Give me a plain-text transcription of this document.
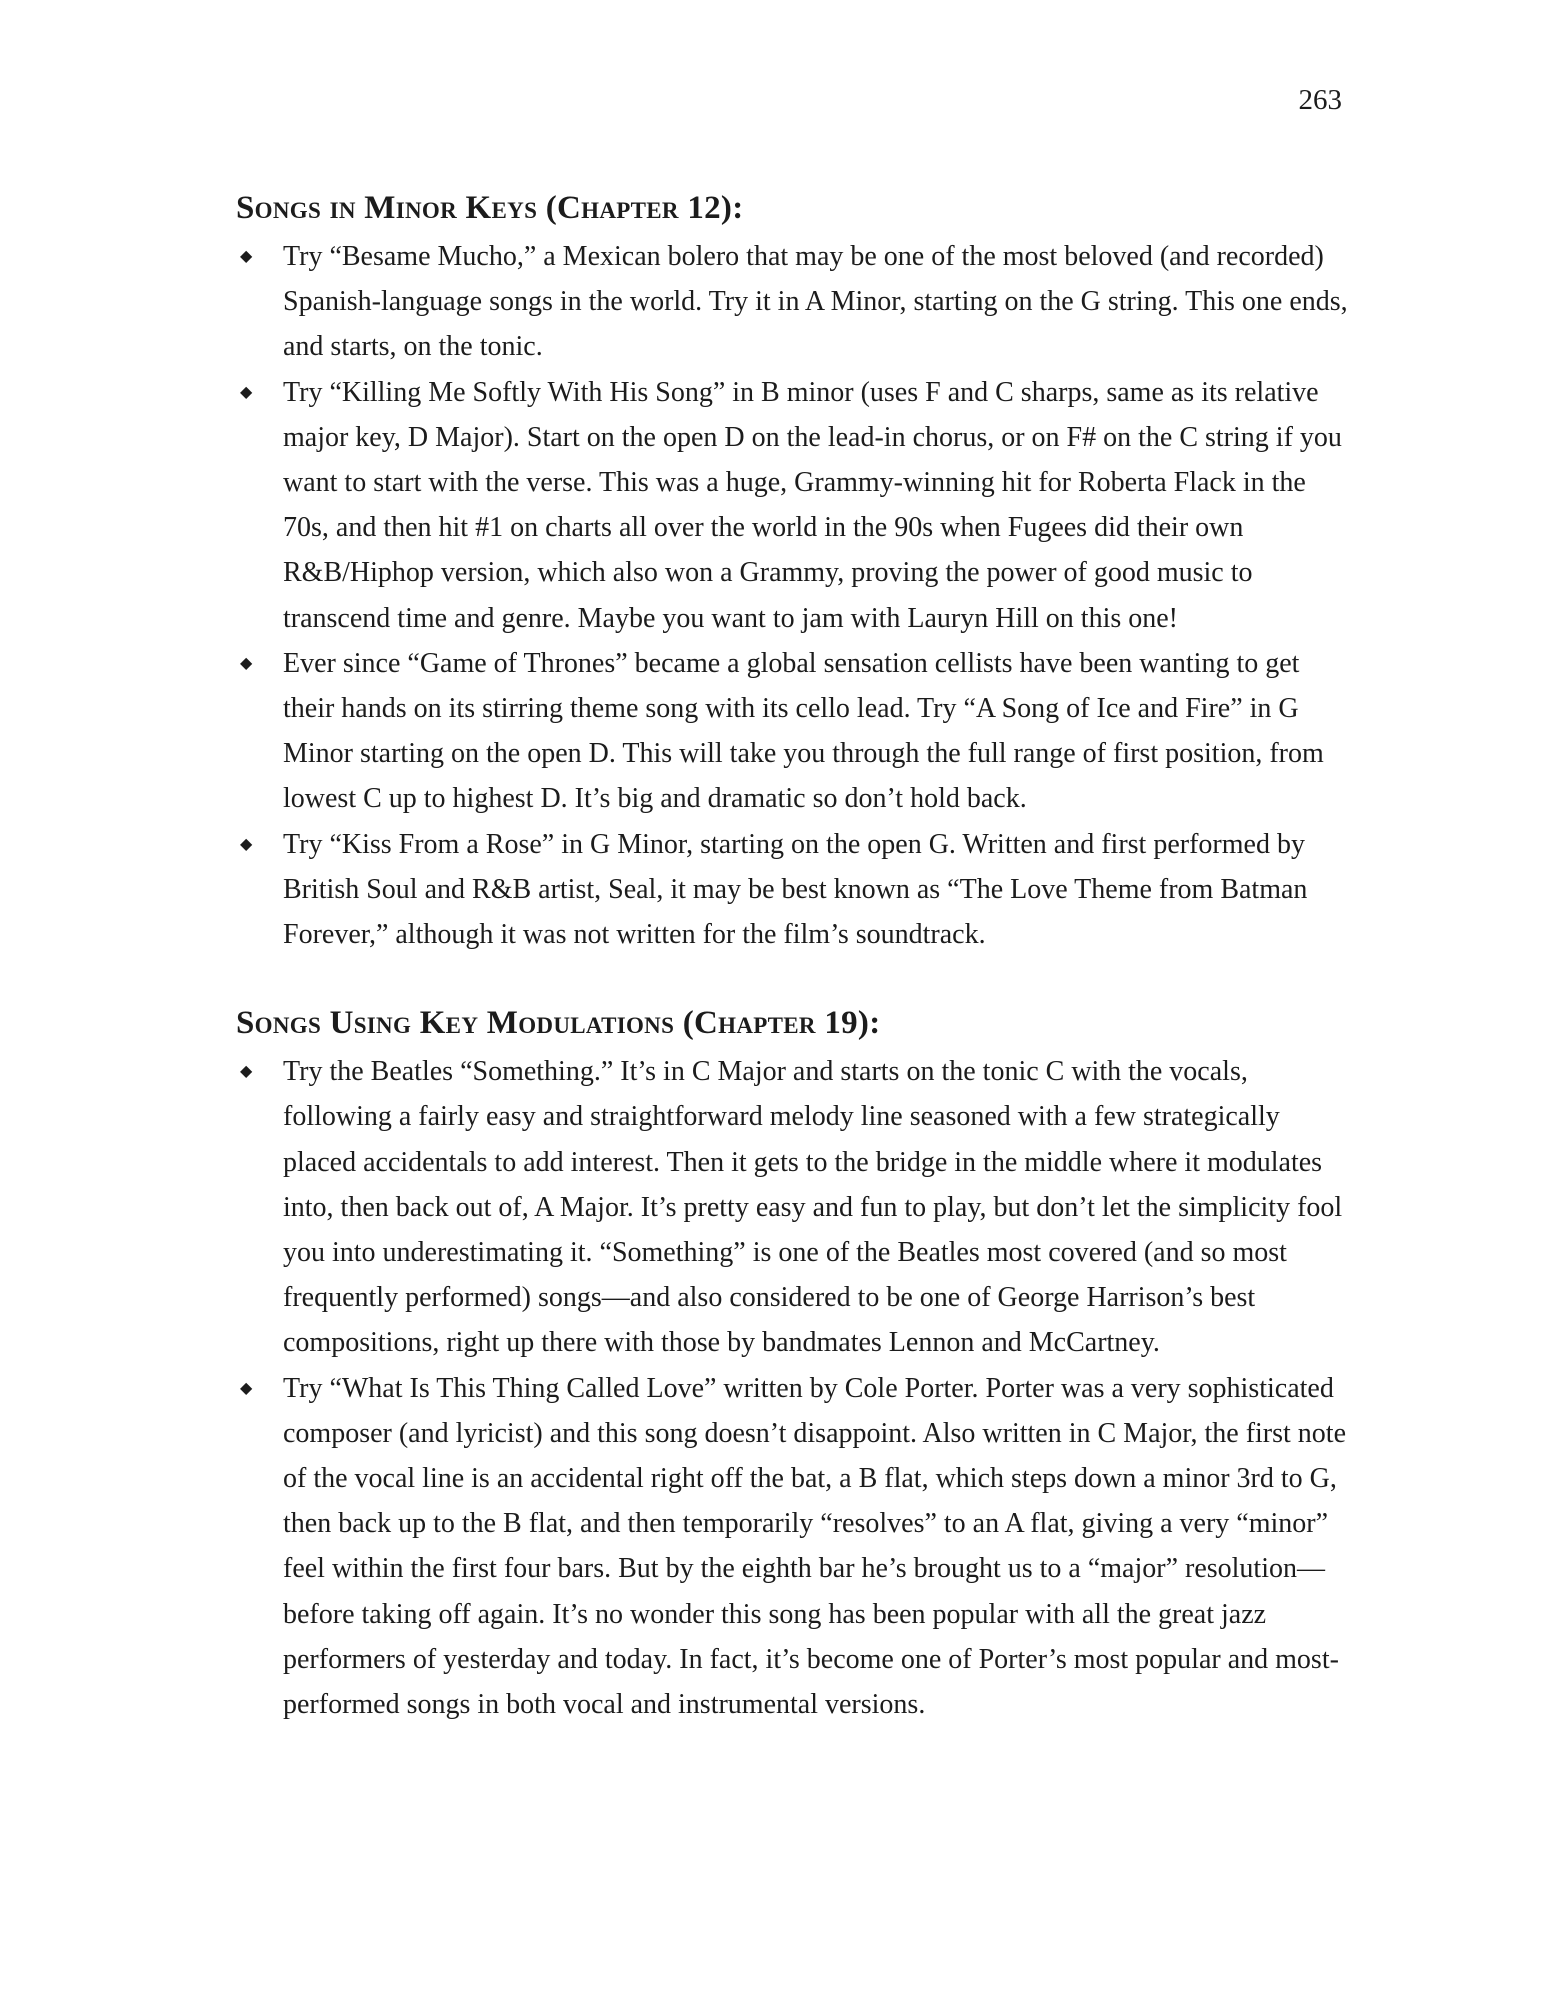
263
Songs in Minor Keys (Chapter 12):
◆ Try “Besame Mucho,” a Mexican bolero that may be one of the most beloved (and recorded) Spanish-language songs in the world. Try it in A Minor, starting on the G string. This one ends, and starts, on the tonic.
◆ Try “Killing Me Softly With His Song” in B minor (uses F and C sharps, same as its relative major key, D Major). Start on the open D on the lead-in chorus, or on F# on the C string if you want to start with the verse. This was a huge, Grammy-winning hit for Roberta Flack in the 70s, and then hit #1 on charts all over the world in the 90s when Fugees did their own R&B/Hiphop version, which also won a Grammy, proving the power of good music to transcend time and genre. Maybe you want to jam with Lauryn Hill on this one!
◆ Ever since “Game of Thrones” became a global sensation cellists have been wanting to get their hands on its stirring theme song with its cello lead. Try “A Song of Ice and Fire” in G Minor starting on the open D. This will take you through the full range of first position, from lowest C up to highest D. It’s big and dramatic so don’t hold back.
◆ Try “Kiss From a Rose” in G Minor, starting on the open G. Written and first performed by British Soul and R&B artist, Seal, it may be best known as “The Love Theme from Batman Forever,” although it was not written for the film’s soundtrack.
Songs Using Key Modulations (Chapter 19):
◆ Try the Beatles “Something.” It’s in C Major and starts on the tonic C with the vocals, following a fairly easy and straightforward melody line seasoned with a few strategically placed accidentals to add interest. Then it gets to the bridge in the middle where it modulates into, then back out of, A Major. It’s pretty easy and fun to play, but don’t let the simplicity fool you into underestimating it. “Something” is one of the Beatles most covered (and so most frequently performed) songs—and also considered to be one of George Harrison’s best compositions, right up there with those by bandmates Lennon and McCartney.
◆ Try “What Is This Thing Called Love” written by Cole Porter. Porter was a very sophisticated composer (and lyricist) and this song doesn’t disappoint. Also written in C Major, the first note of the vocal line is an accidental right off the bat, a B flat, which steps down a minor 3rd to G, then back up to the B flat, and then temporarily “resolves” to an A flat, giving a very “minor” feel within the first four bars. But by the eighth bar he’s brought us to a “major” resolution—before taking off again. It’s no wonder this song has been popular with all the great jazz performers of yesterday and today. In fact, it’s become one of Porter’s most popular and most-performed songs in both vocal and instrumental versions.
